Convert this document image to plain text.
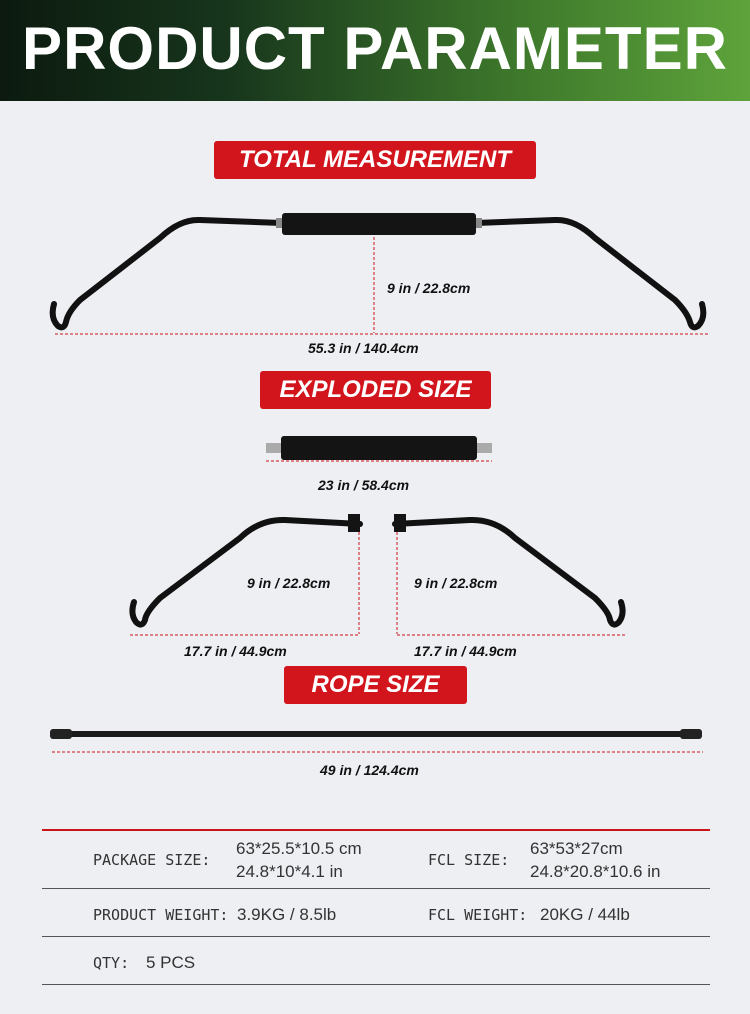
PRODUCT PARAMETER
TOTAL MEASUREMENT
EXPLODED SIZE
ROPE SIZE
9 in / 22.8cm
55.3 in / 140.4cm
23 in / 58.4cm
9 in / 22.8cm	9 in / 22.8cm
17.7 in / 44.9cm	17.7 in / 44.9cm
49 in / 124.4cm
PACKAGE SIZE:
63*25.5*10.5 cm
24.8*10*4.1 in
FCL SIZE:
63*53*27cm
24.8*20.8*10.6 in
PRODUCT WEIGHT: 3.9KG / 8.5lb	FCL WEIGHT: 20KG / 44lb
QTY: 5 PCS
